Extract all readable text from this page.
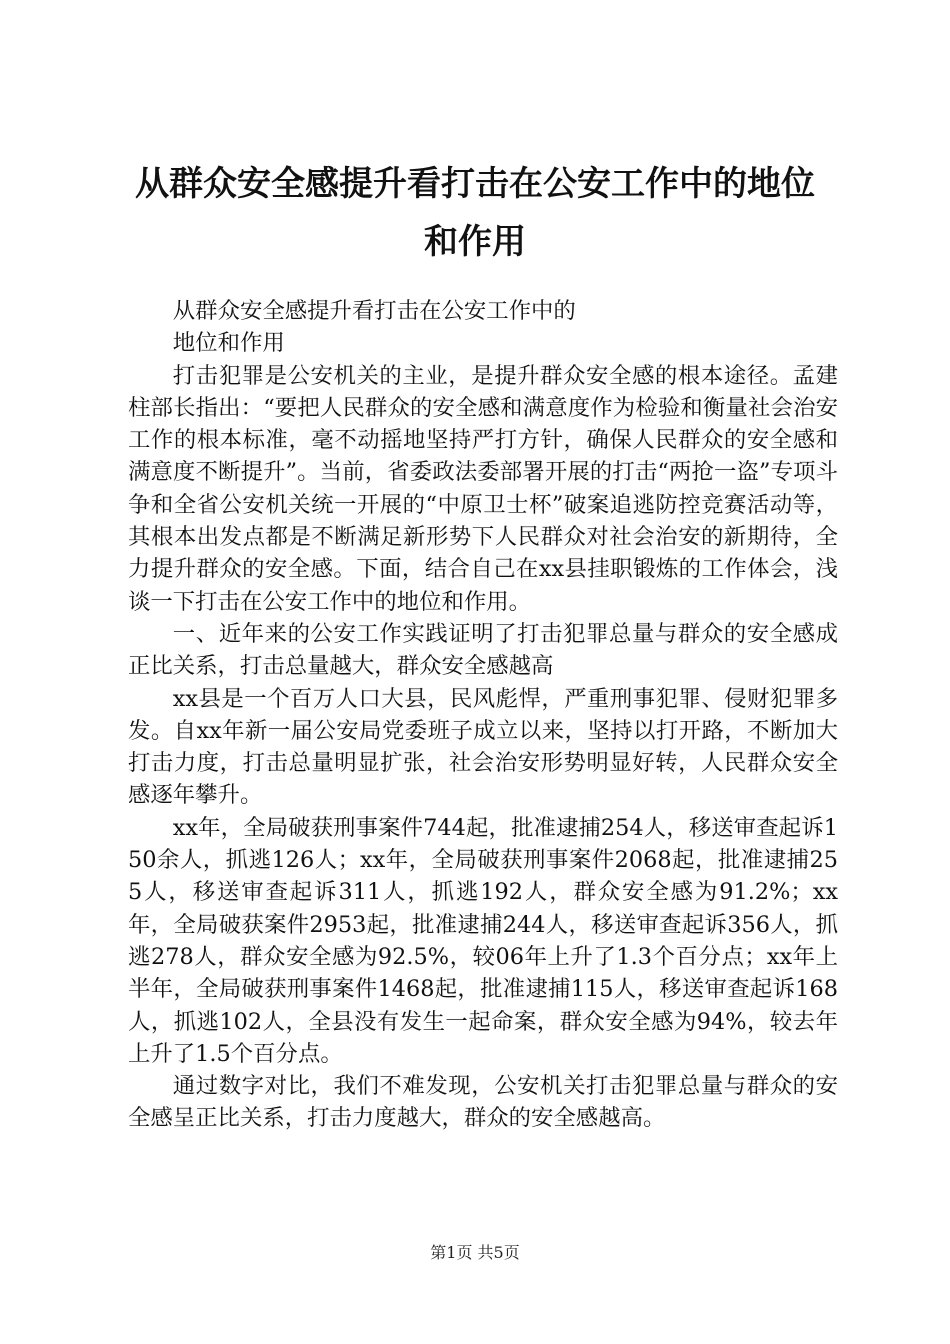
从群众安全感提升看打击在公安工作中的地位
和作用

从群众安全感提升看打击在公安工作中的

地位和作用

打击犯罪是公安机关的主业，是提升群众安全感的根本途径。孟建柱部长指出：“要把人民群众的安全感和满意度作为检验和衡量社会治安工作的根本标准，毫不动摇地坚持严打方针，确保人民群众的安全感和满意度不断提升”。当前，省委政法委部署开展的打击“两抢一盗”专项斗争和全省公安机关统一开展的“中原卫士杯”破案追逃防控竞赛活动等，其根本出发点都是不断满足新形势下人民群众对社会治安的新期待，全力提升群众的安全感。下面，结合自己在xx县挂职锻炼的工作体会，浅谈一下打击在公安工作中的地位和作用。

一、近年来的公安工作实践证明了打击犯罪总量与群众的安全感成正比关系，打击总量越大，群众安全感越高

xx县是一个百万人口大县，民风彪悍，严重刑事犯罪、侵财犯罪多发。自xx年新一届公安局党委班子成立以来，坚持以打开路，不断加大打击力度，打击总量明显扩张，社会治安形势明显好转，人民群众安全感逐年攀升。

xx年，全局破获刑事案件744起，批准逮捕254人，移送审查起诉150余人，抓逃126人；xx年，全局破获刑事案件2068起，批准逮捕255人，移送审查起诉311人，抓逃192人，群众安全感为91.2%；xx年，全局破获案件2953起，批准逮捕244人，移送审查起诉356人，抓逃278人，群众安全感为92.5%，较06年上升了1.3个百分点；xx年上半年，全局破获刑事案件1468起，批准逮捕115人，移送审查起诉168人，抓逃102人，全县没有发生一起命案，群众安全感为94%，较去年上升了1.5个百分点。

通过数字对比，我们不难发现，公安机关打击犯罪总量与群众的安全感呈正比关系，打击力度越大，群众的安全感越高。

第1页 共5页
